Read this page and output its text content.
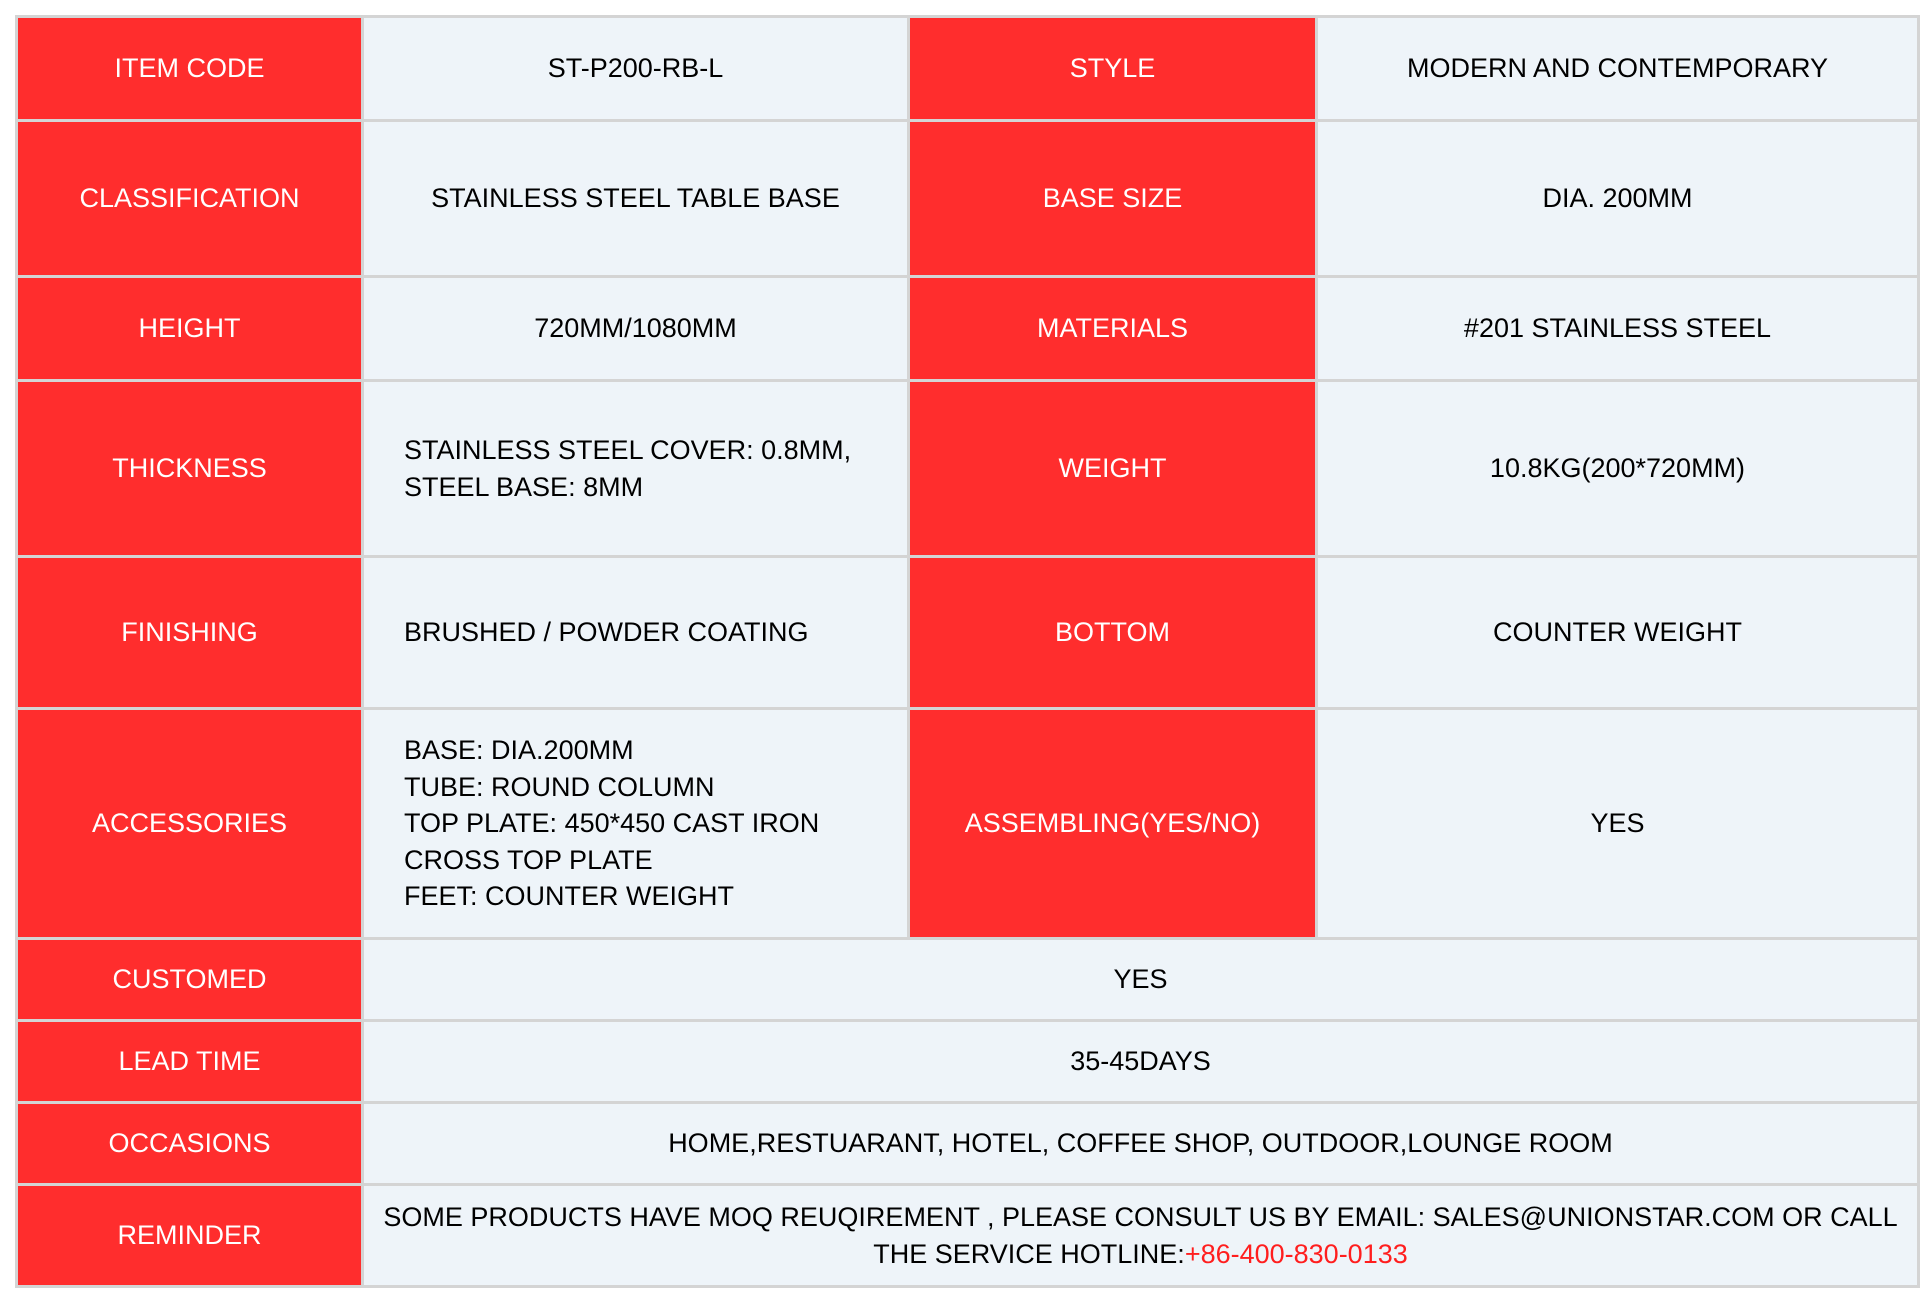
ITEM CODE	ST-P200-RB-L	STYLE	MODERN AND CONTEMPORARY
CLASSIFICATION	STAINLESS STEEL TABLE BASE	BASE SIZE	DIA. 200MM
HEIGHT	720MM/1080MM	MATERIALS	#201 STAINLESS STEEL
THICKNESS	STAINLESS STEEL COVER: 0.8MM,
STEEL BASE: 8MM	WEIGHT	10.8KG(200*720MM)
FINISHING	BRUSHED / POWDER COATING	BOTTOM	COUNTER WEIGHT
ACCESSORIES	BASE: DIA.200MM
TUBE: ROUND COLUMN
TOP PLATE: 450*450 CAST IRON
CROSS TOP PLATE
FEET: COUNTER WEIGHT	ASSEMBLING(YES/NO)	YES
CUSTOMED	YES		
LEAD TIME	35-45DAYS		
OCCASIONS	HOME,RESTUARANT, HOTEL, COFFEE SHOP, OUTDOOR,LOUNGE ROOM		
REMINDER	SOME PRODUCTS HAVE MOQ REUQIREMENT , PLEASE CONSULT US BY EMAIL: SALES@UNIONSTAR.COM OR CALL
THE SERVICE HOTLINE:+86-400-830-0133		
